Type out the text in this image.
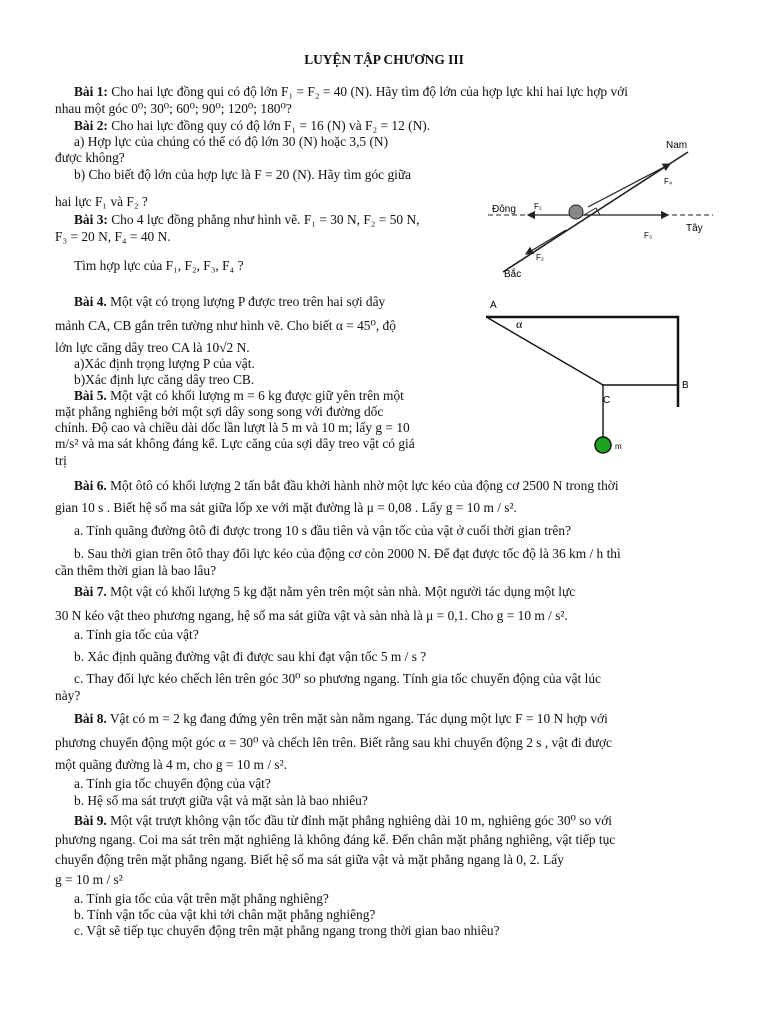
LUYỆN TẬP CHƯƠNG III
Bài 1: Cho hai lực đồng qui có độ lớn F₁ = F₂ = 40 (N). Hãy tìm độ lớn của hợp lực khi hai lực hợp với
nhau một góc 0⁰; 30⁰; 60⁰; 90⁰; 120⁰; 180⁰?
Bài 2: Cho hai lực đồng quy có độ lớn F₁ = 16 (N) và F₂ = 12 (N).
a) Hợp lực của chúng có thể có độ lớn 30 (N) hoặc 3,5 (N)
được không?
b) Cho biết độ lớn của hợp lực là F = 20 (N). Hãy tìm góc giữa
hai lực F₁ và F₂ ?
Bài 3: Cho 4 lực đồng phẳng như hình vẽ. F₁ = 30 N, F₂ = 50 N,
F₃ = 20 N, F₄ = 40 N.
Tìm hợp lực của F₁, F₂, F₃, F₄ ?
Bài 4. Một vật có trọng lượng P được treo trên hai sợi dây
mảnh CA, CB gắn trên tường như hình vẽ. Cho biết α = 45⁰, độ
lớn lực căng dây treo CA là 10√2 N.
a)Xác định trọng lượng P của vật.
b)Xác định lực căng dây treo CB.
Bài 5. Một vật có khối lượng m = 6 kg được giữ yên trên một
mặt phẳng nghiêng bởi một sợi dây song song với đường dốc
chính. Độ cao và chiều dài dốc lần lượt là 5 m và 10 m; lấy g = 10
m/s² và ma sát không đáng kể. Lực căng của sợi dây treo vật có giá
trị
Bài 6. Một ôtô có khối lượng 2 tấn bắt đầu khởi hành nhờ một lực kéo của động cơ 2500 N trong thời
gian 10 s . Biết hệ số ma sát giữa lốp xe với mặt đường là μ = 0,08 . Lấy g = 10 m / s².
a. Tính quãng đường ôtô đi được trong 10 s đầu tiên và vận tốc của vật ở cuối thời gian trên?
b. Sau thời gian trên ôtô thay đổi lực kéo của động cơ còn 2000 N. Để đạt được tốc độ là 36 km / h thì
cần thêm thời gian là bao lâu?
Bài 7. Một vật có khối lượng 5 kg đặt nằm yên trên một sàn nhà. Một người tác dụng một lực
30 N kéo vật theo phương ngang, hệ số ma sát giữa vật và sàn nhà là μ = 0,1. Cho g = 10 m / s².
a. Tính gia tốc của vật?
b. Xác định quãng đường vật đi được sau khi đạt vận tốc 5 m / s ?
c. Thay đổi lực kéo chếch lên trên góc 30⁰ so phương ngang. Tính gia tốc chuyển động của vật lúc
này?
Bài 8. Vật có m = 2 kg đang đứng yên trên mặt sàn nằm ngang. Tác dụng một lực F = 10 N hợp với
phương chuyển động một góc α = 30⁰ và chếch lên trên. Biết rằng sau khi chuyển động 2 s , vật đi được
một quãng đường là 4 m, cho g = 10 m / s².
a. Tính gia tốc chuyển động của vật?
b. Hệ số ma sát trượt giữa vật và mặt sàn là bao nhiêu?
Bài 9. Một vật trượt không vận tốc đầu từ đỉnh mặt phẳng nghiêng dài 10 m, nghiêng góc 30⁰ so với
phương ngang. Coi ma sát trên mặt nghiêng là không đáng kể. Đến chân mặt phẳng nghiêng, vật tiếp tục
chuyển động trên mặt phẳng ngang. Biết hệ số ma sát giữa vật và mặt phẳng ngang là 0, 2. Lấy
g = 10 m / s²
a. Tính gia tốc của vật trên mặt phẳng nghiêng?
b. Tính vận tốc của vật khi tới chân mặt phẳng nghiêng?
c. Vật sẽ tiếp tục chuyển động trên mặt phẳng ngang trong thời gian bao nhiêu?
Nam
Đông
Tây
Bắc
F₁
F₂
F₃
F₄
A
α
B
C
m
